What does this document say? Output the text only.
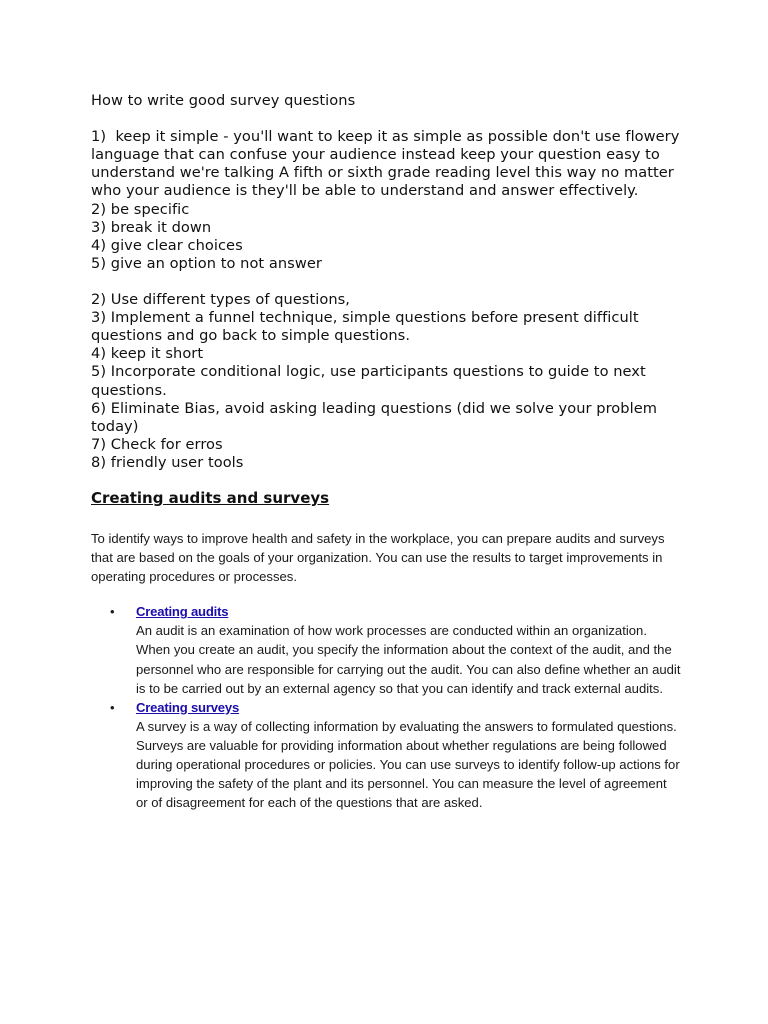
How to write good survey questions

1)  keep it simple - you'll want to keep it as simple as possible don't use flowery language that can confuse your audience instead keep your question easy to understand we're talking A fifth or sixth grade reading level this way no matter who your audience is they'll be able to understand and answer effectively.
2) be specific
3) break it down
4) give clear choices
5) give an option to not answer
2) Use different types of questions,
3) Implement a funnel technique, simple questions before present difficult questions and go back to simple questions.
4) keep it short
5) Incorporate conditional logic, use participants questions to guide to next questions.
6) Eliminate Bias, avoid asking leading questions (did we solve your problem today)
7) Check for erros
8) friendly user tools
Creating audits and surveys

To identify ways to improve health and safety in the workplace, you can prepare audits and surveys that are based on the goals of your organization. You can use the results to target improvements in operating procedures or processes.

• Creating audits
An audit is an examination of how work processes are conducted within an organization. When you create an audit, you specify the information about the context of the audit, and the personnel who are responsible for carrying out the audit. You can also define whether an audit is to be carried out by an external agency so that you can identify and track external audits.
• Creating surveys
A survey is a way of collecting information by evaluating the answers to formulated questions. Surveys are valuable for providing information about whether regulations are being followed during operational procedures or policies. You can use surveys to identify follow-up actions for improving the safety of the plant and its personnel. You can measure the level of agreement or of disagreement for each of the questions that are asked.
